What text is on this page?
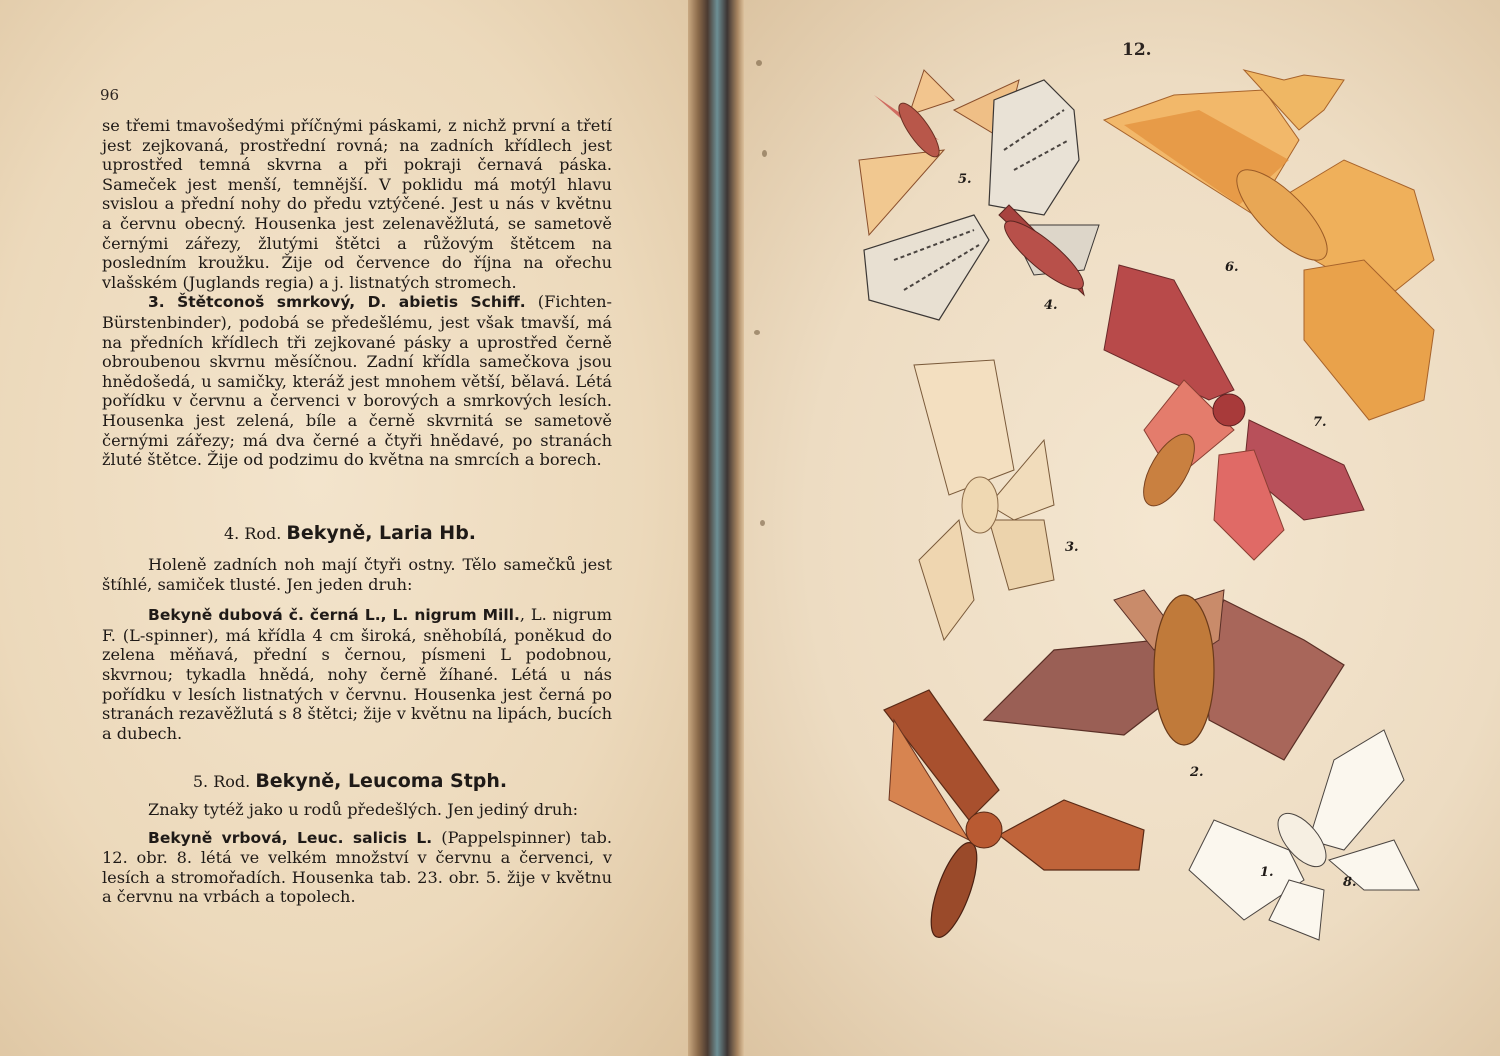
96

se třemi tmavošedými příčnými páskami, z nichž první a třetí jest zejkovaná, prostřední rovná; na zadních křídlech jest uprostřed temná skvrna a při pokraji černavá páska. Sameček jest menší, temnější. V poklidu má motýl hlavu svislou a přední nohy do předu vztýčené. Jest u nás v květnu a červnu obecný. Housenka jest zelenavěžlutá, se sametově černými zářezy, žlutými štětci a růžovým štětcem na posledním kroužku. Žije od července do října na ořechu vlašském (Juglands regia) a j. listnatých stromech.

3. Štětconoš smrkový, D. abietis Schiff. (Fichten-Bürstenbinder), podobá se předešlému, jest však tmavší, má na předních křídlech tři zejkované pásky a uprostřed černě obroubenou skvrnu měsíčnou. Zadní křídla samečkova jsou hnědošedá, u samičky, kteráž jest mnohem větší, bělavá. Létá pořídku v červnu a červenci v borových a smrkových lesích. Housenka jest zelená, bíle a černě skvrnitá se sametově černými zářezy; má dva černé a čtyři hnědavé, po stranách žluté štětce. Žije od podzimu do května na smrcích a borech.

4. Rod. Bekyně, Laria Hb.

Holeně zadních noh mají čtyři ostny. Tělo samečků jest štíhlé, samiček tlusté. Jen jeden druh:

Bekyně dubová č. černá L., L. nigrum Mill., L. nigrum F. (L-spinner), má křídla 4 cm široká, sněhobílá, poněkud do zelena měňavá, přední s černou, písmeni L podobnou, skvrnou; tykadla hnědá, nohy černě žíhané. Létá u nás pořídku v lesích listnatých v červnu. Housenka jest černá po stranách rezavěžlutá s 8 štětci; žije v květnu na lipách, bucích a dubech.

5. Rod. Bekyně, Leucoma Stph.

Znaky tytéž jako u rodů předešlých. Jen jediný druh:

Bekyně vrbová, Leuc. salicis L. (Pappelspinner) tab. 12. obr. 8. létá ve velkém množství v červnu a červenci, v lesích a stromořadích. Housenka tab. 23. obr. 5. žije v květnu a červnu na vrbách a topolech.

12.
1.
2.
3.
4.
5.
6.
7.
8.
